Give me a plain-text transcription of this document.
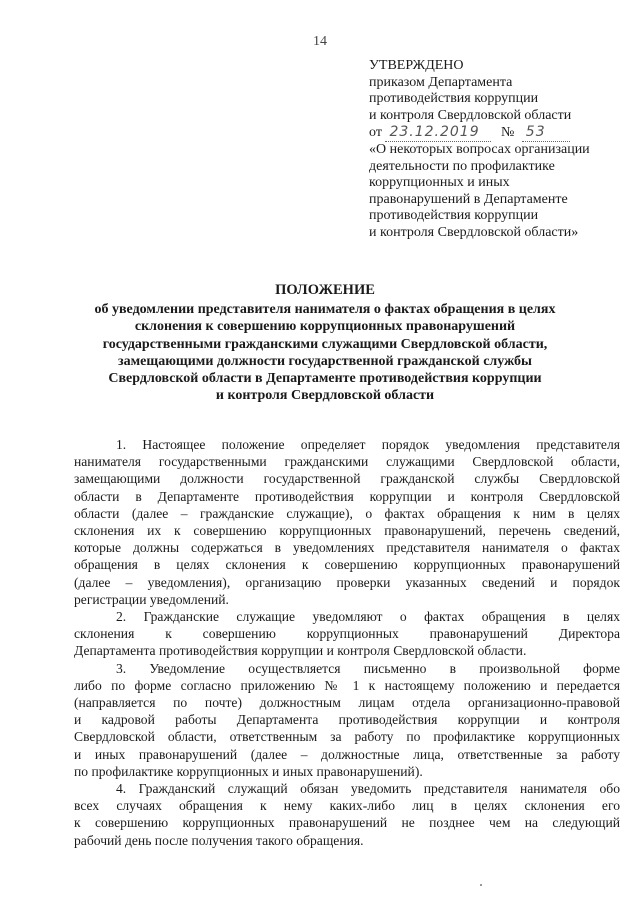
14
УТВЕРЖДЕНО
приказом Департамента
противодействия коррупции
и контроля Свердловской области
от 23.12.2019 № 53
«О некоторых вопросах организации
деятельности по профилактике
коррупционных и иных
правонарушений в Департаменте
противодействия коррупции
и контроля Свердловской области»
ПОЛОЖЕНИЕ
об уведомлении представителя нанимателя о фактах обращения в целях
склонения к совершению коррупционных правонарушений
государственными гражданскими служащими Свердловской области,
замещающими должности государственной гражданской службы
Свердловской области в Департаменте противодействия коррупции
и контроля Свердловской области
1. Настоящее положение определяет порядок уведомления представителя
нанимателя государственными гражданскими служащими Свердловской области,
замещающими должности государственной гражданской службы Свердловской
области в Департаменте противодействия коррупции и контроля Свердловской
области (далее – гражданские служащие), о фактах обращения к ним в целях
склонения их к совершению коррупционных правонарушений, перечень сведений,
которые должны содержаться в уведомлениях представителя нанимателя о фактах
обращения в целях склонения к совершению коррупционных правонарушений
(далее – уведомления), организацию проверки указанных сведений и порядок
регистрации уведомлений.
2. Гражданские служащие уведомляют о фактах обращения в целях
склонения к совершению коррупционных правонарушений Директора
Департамента противодействия коррупции и контроля Свердловской области.
3. Уведомление осуществляется письменно в произвольной форме
либо по форме согласно приложению № 1 к настоящему положению и передается
(направляется по почте) должностным лицам отдела организационно-правовой
и кадровой работы Департамента противодействия коррупции и контроля
Свердловской области, ответственным за работу по профилактике коррупционных
и иных правонарушений (далее – должностные лица, ответственные за работу
по профилактике коррупционных и иных правонарушений).
4. Гражданский служащий обязан уведомить представителя нанимателя обо
всех случаях обращения к нему каких-либо лиц в целях склонения его
к совершению коррупционных правонарушений не позднее чем на следующий
рабочий день после получения такого обращения.
